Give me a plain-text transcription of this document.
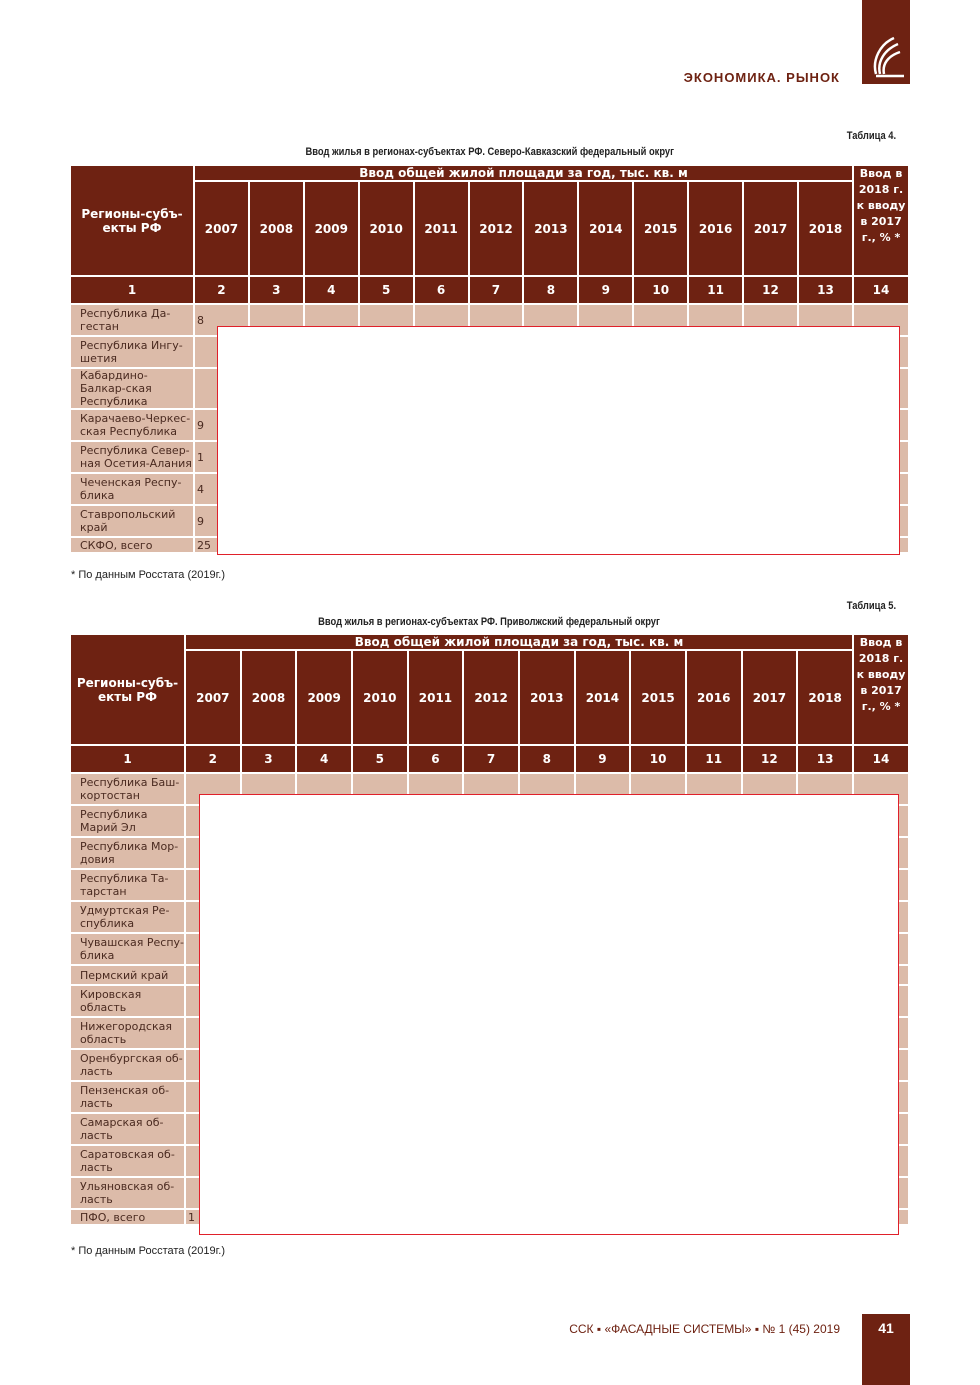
ЭКОНОМИКА. РЫНОК
Таблица 4.
Ввод жилья в регионах-субъектах РФ. Северо-Кавказский федеральный округ
Регионы-субъ-екты РФ	Ввод общей жилой площади за год, тыс. кв. м												Ввод в 2018 г. к вводу в 2017 г., % *
	2007	2008	2009	2010	2011	2012	2013	2014	2015	2016	2017	2018	
1	2	3	4	5	6	7	8	9	10	11	12	13	14
Республика Да-гестан	8												
Республика Ингу-шетия													
Кабардино-Балкар-ская Республика													
Карачаево-Черкес-ская Республика	9												
Республика Север-ная Осетия-Алания	1												
Чеченская Респу-блика	4												
Ставропольский край	9												
СКФО, всего	25												
* По данным Росстата (2019г.)
Таблица 5.
Ввод жилья в регионах-субъектах РФ. Приволжский федеральный округ
Регионы-субъ-екты РФ	Ввод общей жилой площади за год, тыс. кв. м												Ввод в 2018 г. к вводу в 2017 г., % *
	2007	2008	2009	2010	2011	2012	2013	2014	2015	2016	2017	2018	
1	2	3	4	5	6	7	8	9	10	11	12	13	14
Республика Баш-кортостан													
Республика Марий Эл													
Республика Мор-довия													
Республика Та-тарстан													
Удмуртская Ре-спублика													
Чувашская Респу-блика													
Пермский край													
Кировская область													
Нижегородская область													
Оренбургская об-ласть													
Пензенская об-ласть													
Самарская об-ласть													
Саратовская об-ласть													
Ульяновская об-ласть													
ПФО, всего	1												
* По данным Росстата (2019г.)
ССК ▪ «ФАСАДНЫЕ СИСТЕМЫ» ▪ № 1 (45) 2019	41
